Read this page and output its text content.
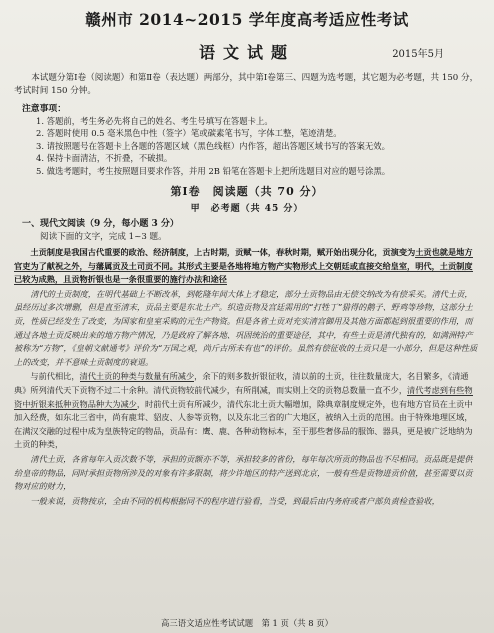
赣州市 2014~2015 学年度高考适应性考试
语文试题	2015年5月
本试题分第Ⅰ卷（阅读题）和第Ⅱ卷（表达题）两部分，其中第Ⅰ卷第三、四题为选考题，其它题为必考题，共 150 分，考试时间 150 分钟。
注意事项：
1. 答题前，考生务必先将自己的姓名、考生号填写在答题卡上。
2. 答题时使用 0.5 毫米黑色中性（签字）笔或碳素笔书写，字体工整，笔迹清楚。
3. 请按照题号在答题卡上各题的答题区域（黑色线框）内作答，超出答题区域书写的答案无效。
4. 保持卡面清洁，不折叠，不破损。
5. 做选考题时，考生按照题目要求作答，并用 2B 铅笔在答题卡上把所选题目对应的题号涂黑。
第Ⅰ卷　阅读题（共 70 分）
甲　必考题（共 45 分）
一、现代文阅读（9 分，每小题 3 分）
阅读下面的文字，完成 1~3 题。

土贡制度是我国古代重要的政治、经济制度，上古时期，贡赋一体，春秋时期，赋开始出现分化，贡演变为土贡也就是地方官吏为了献祝之外，与藩属贡及土司贡不同。其形式主要是各地将地方物产实物形式上交朝廷或直接交给皇室，明代，土贡制度已较为成熟，且贡物折银也是一条很重要的施行办法和途径

清代的土贡制度，在明代基础上不断改革，到乾隆年间大体上才稳定，部分土贡物品由无偿交纳改为有偿采买。清代土贡，虽经历过多次增删，但是直至清末，贡品主要是东北土产。织造贡物及宫廷需用的“打牲丁”猎得的鹅子、野鸡等珍物，这部分土贡，性质已经发生了改变，为国家和皇室采购的元生产物资。但是各省土贡对充实清宫御用及其他方面都起到很重要的作用，而通过各地土贡反映出来的地方物产情况，乃是政府了解各地、巩固统治的重要途径，其中，有些土贡是清代独有的，如满洲特产被称为“方物”，《皇朝文献通考》评价为“万国之观，尚斤古所未有也”的评价。虽然有偿征收的土贡只是一小部分，但是这种性质上的改变，并不意味土贡制度的衰退。

与前代相比，清代土贡的种类与数量有所减少，余下的则多数折银征收，清以前的土贡，往往数量庞大，名目繁多，《清通典》所列清代天下贡物不过二十余种。清代贡物较前代减少，有所削减，而实则上交的贡物总数量一直不少，清代考虑到有些物资中折银来抵种贡物品种大为减少，时前代土贡有所减少，清代东北土贡大幅增加，除典章制度规定外，也有地方官员在土贡中加入经费，如东北三省中，尚有鹿茸、貂皮、人参等贡物，以及东北三省的广大地区，被纳入土贡的范围。由于特殊地理区域，在满汉交融的过程中成为皇族特定的物品，贡品有：鹰、鹿、各种动物标本，至于那些奢侈品的服饰、器具，更是被广泛地纳为土贡的种类，

清代土贡，各省每年入贡次数不等，承担的贡额亦不等，承担较多的省份，每年每次所贡的物品也不尽相同。贡品既是提供给皇帝的物品，同时承担贡物所涉及的对象有许多限制，将少许地区的特产送到北京，一般有些是贡物进贡价值，甚至需要以贡物对应的财力，

一般来说，贡物按京，全由不同的机构根据同不的程序进行验看，当受，到最后由内务府或者户部负责检查验收，

高三语文适应性考试试题　第 1 页（共 8 页）
